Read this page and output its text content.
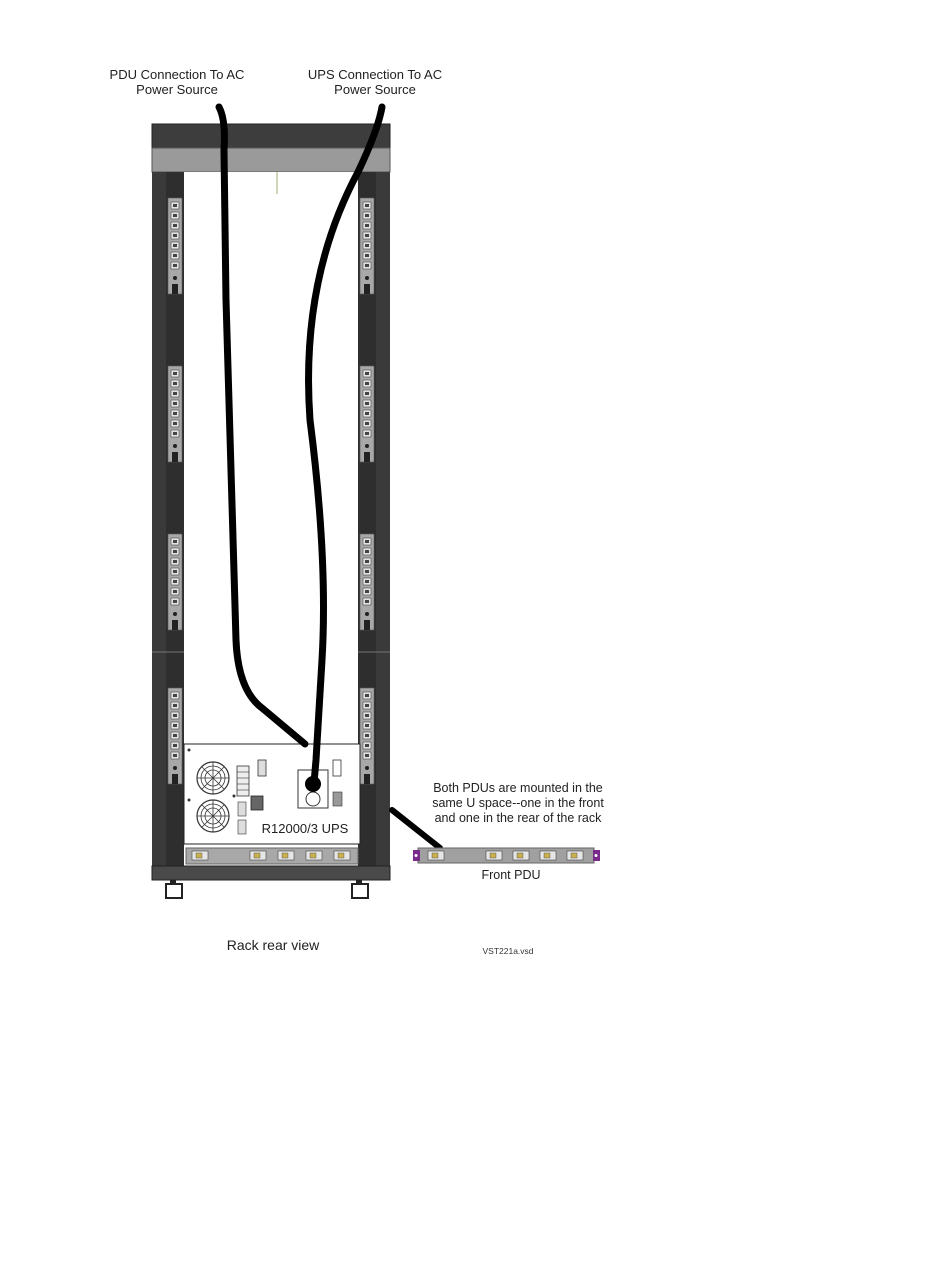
R12000/3 UPS
PDU Connection To AC
Power Source
UPS Connection To AC
Power Source
Both PDUs are mounted in the
same U space--one in the front
and one in the rear of the rack
Front PDU
Rack rear view	VST221a.vsd
